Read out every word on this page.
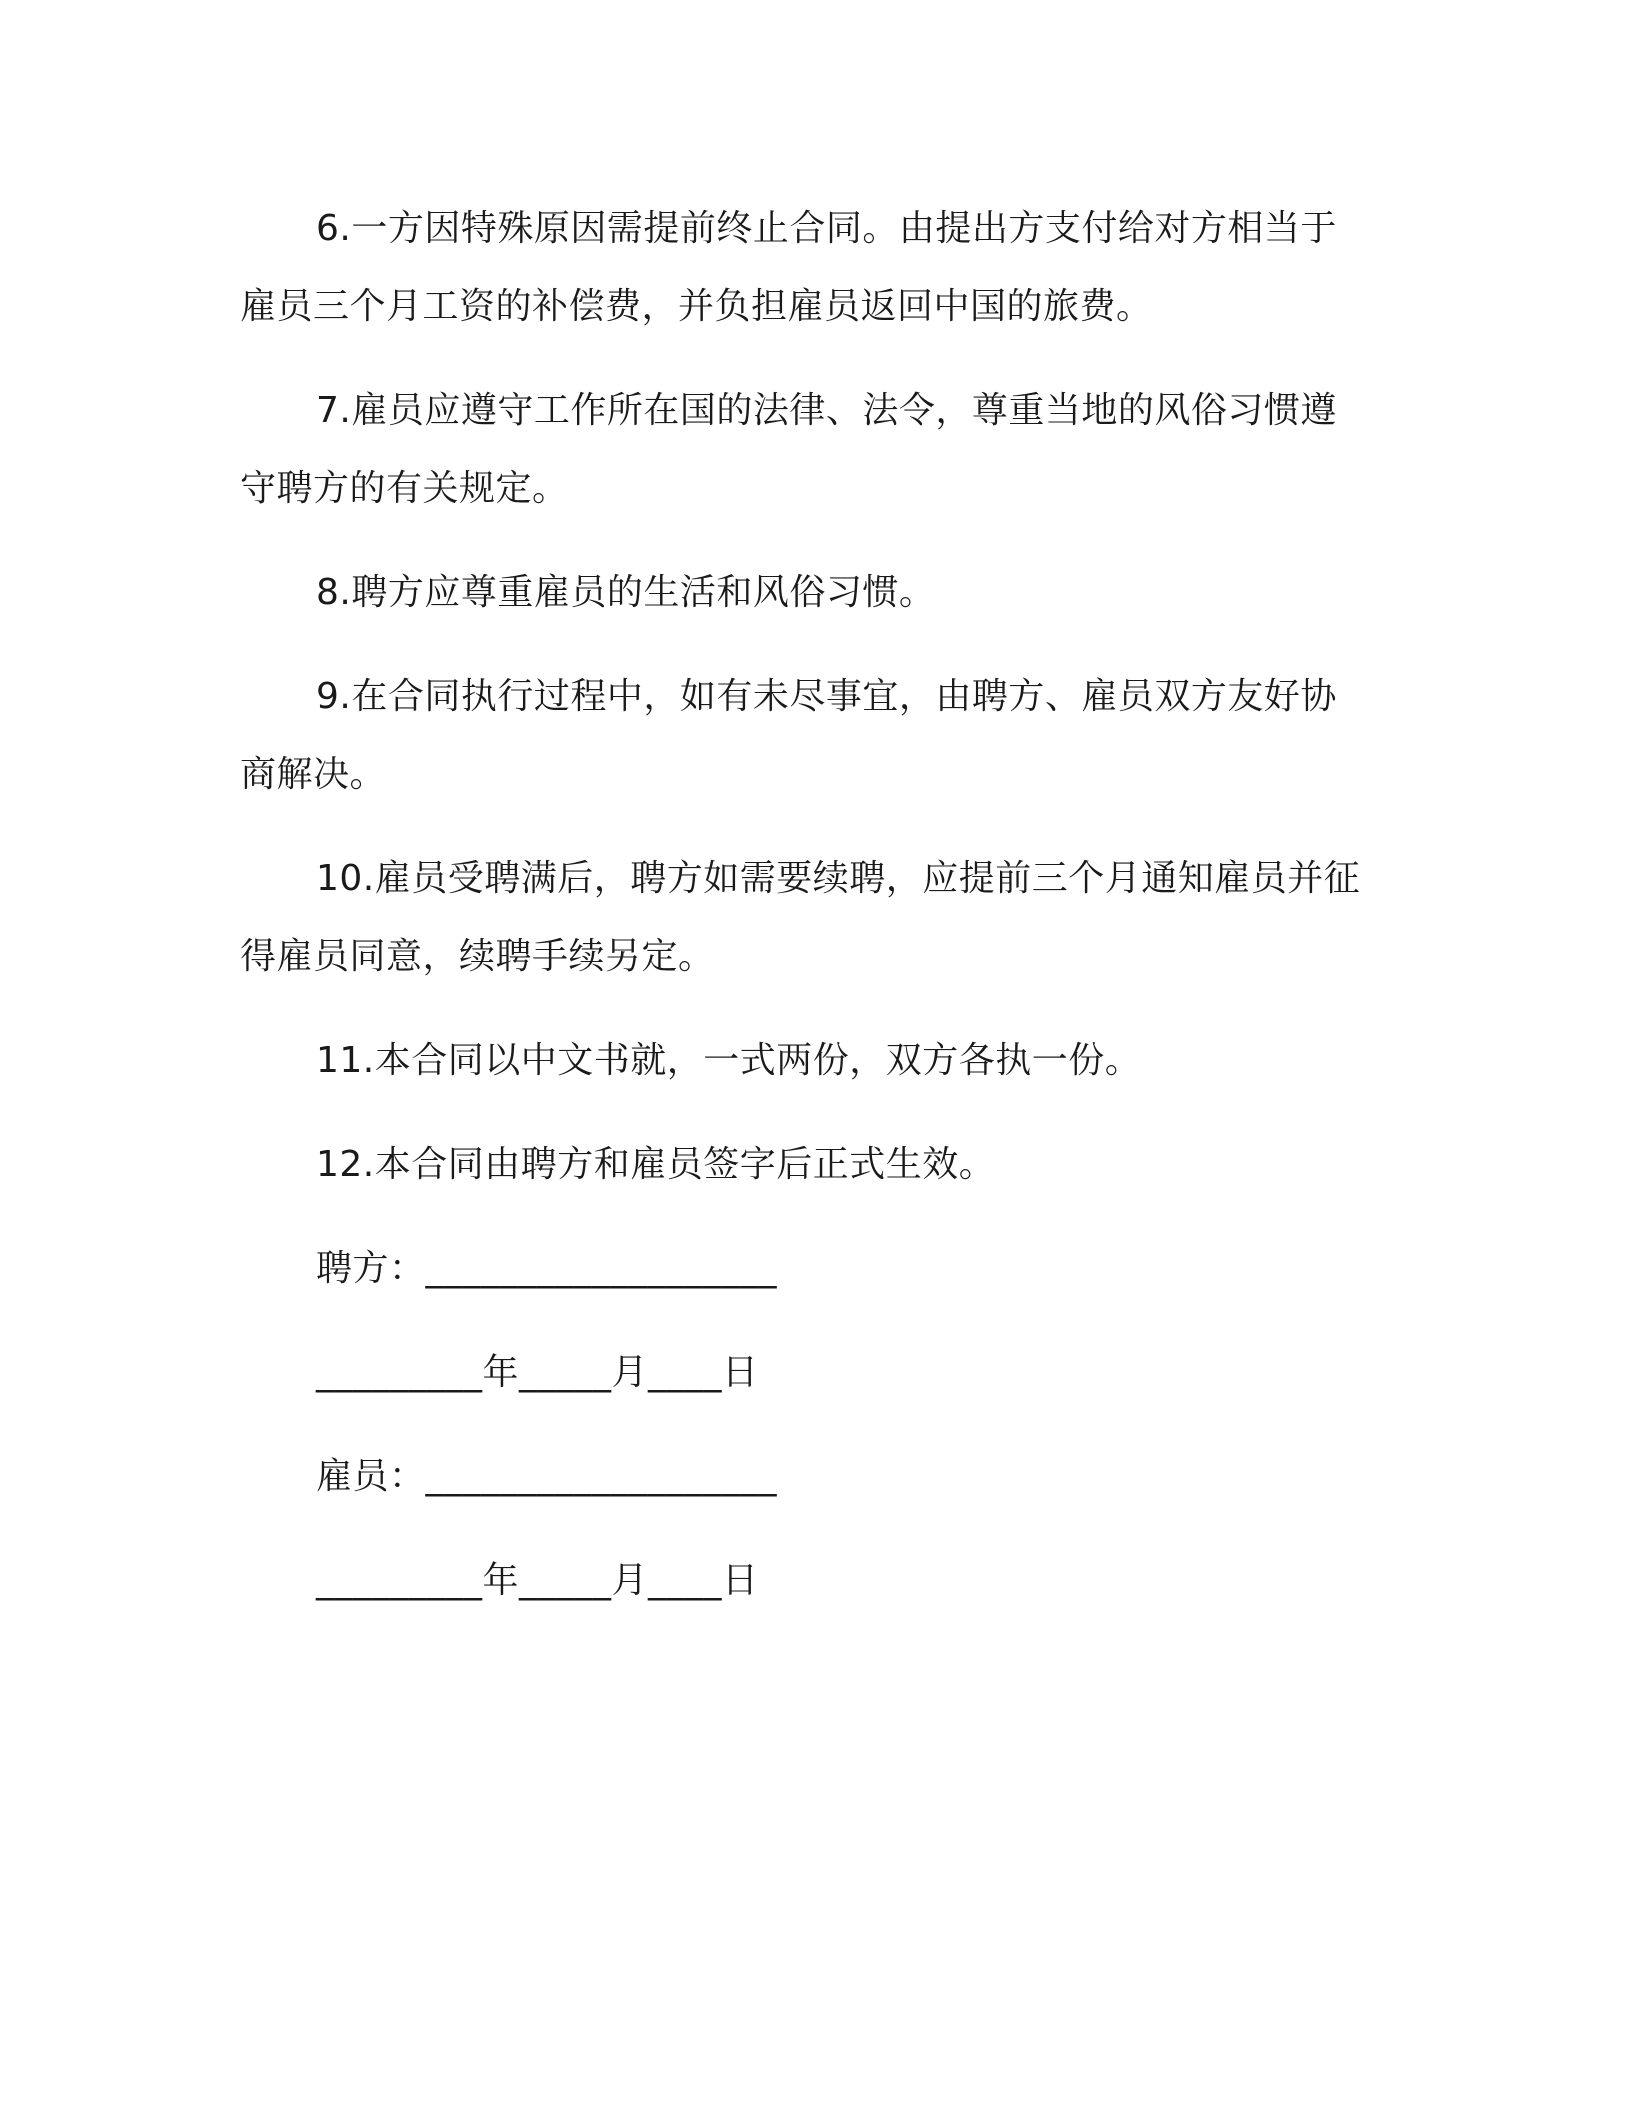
6.一方因特殊原因需提前终止合同。由提出方支付给对方相当于雇员三个月工资的补偿费，并负担雇员返回中国的旅费。

7.雇员应遵守工作所在国的法律、法令，尊重当地的风俗习惯遵守聘方的有关规定。

8.聘方应尊重雇员的生活和风俗习惯。

9.在合同执行过程中，如有未尽事宜，由聘方、雇员双方友好协商解决。

10.雇员受聘满后，聘方如需要续聘，应提前三个月通知雇员并征得雇员同意，续聘手续另定。

11.本合同以中文书就，一式两份，双方各执一份。

12.本合同由聘方和雇员签字后正式生效。

聘方：___________________

_________年_____月____日

雇员：___________________

_________年_____月____日
